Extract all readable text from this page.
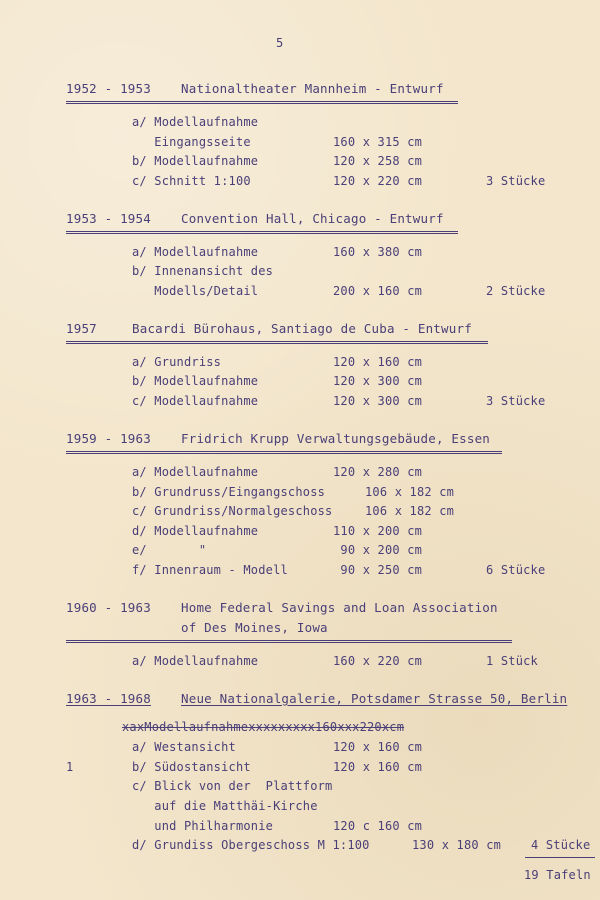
5
1952 - 1953 Nationaltheater Mannheim - Entwurf
a/ Modellaufnahme
Eingangsseite	160 x 315 cm
b/ Modellaufnahme	120 x 258 cm
c/ Schnitt 1:100	120 x 220 cm	3 Stücke
1953 - 1954 Convention Hall, Chicago - Entwurf
a/ Modellaufnahme	160 x 380 cm
b/ Innenansicht des
Modells/Detail	200 x 160 cm	2 Stücke
1957	Bacardi Bürohaus, Santiago de Cuba - Entwurf
a/ Grundriss	120 x 160 cm
b/ Modellaufnahme	120 x 300 cm
c/ Modellaufnahme	120 x 300 cm	3 Stücke
1959 - 1963 Fridrich Krupp Verwaltungsgebäude, Essen
a/ Modellaufnahme	120 x 280 cm
b/ Grundruss/Eingangschoss	106 x 182 cm
c/ Grundriss/Normalgeschoss	106 x 182 cm
d/ Modellaufnahme	110 x 200 cm
e/       "	90 x 200 cm
f/ Innenraum - Modell	90 x 250 cm	6 Stücke
1960 - 1963 Home Federal Savings and Loan Association
of Des Moines, Iowa
a/ Modellaufnahme	160 x 220 cm	1 Stück
1963 - 1968 Neue Nationalgalerie, Potsdamer Strasse 50, Berlin
xaxModellaufnahmexxxxxxxxx160xxx220xcm
a/ Westansicht	120 x 160 cm
1	b/ Südostansicht	120 x 160 cm
c/ Blick von der  Plattform
auf die Matthäi-Kirche
und Philharmonie	120 c 160 cm
d/ Grundiss Obergeschoss M 1:100	130 x 180 cm 4 Stücke
19 Tafeln
